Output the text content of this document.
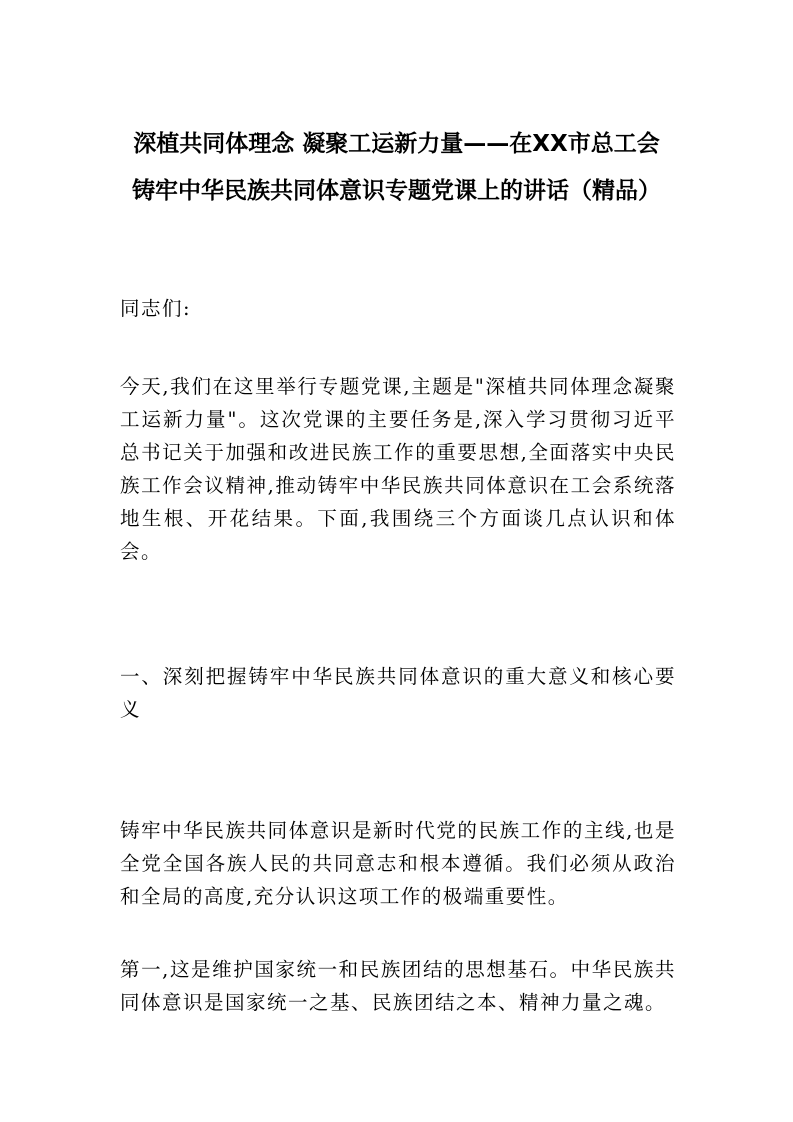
深植共同体理念 凝聚工运新力量——在XX市总工会
铸牢中华民族共同体意识专题党课上的讲话（精品）
同志们:
今天,我们在这里举行专题党课,主题是"深植共同体理念凝聚工运新力量"。这次党课的主要任务是,深入学习贯彻习近平总书记关于加强和改进民族工作的重要思想,全面落实中央民族工作会议精神,推动铸牢中华民族共同体意识在工会系统落地生根、开花结果。下面,我围绕三个方面谈几点认识和体会。
一、深刻把握铸牢中华民族共同体意识的重大意义和核心要义
铸牢中华民族共同体意识是新时代党的民族工作的主线,也是全党全国各族人民的共同意志和根本遵循。我们必须从政治和全局的高度,充分认识这项工作的极端重要性。
第一,这是维护国家统一和民族团结的思想基石。中华民族共同体意识是国家统一之基、民族团结之本、精神力量之魂。
